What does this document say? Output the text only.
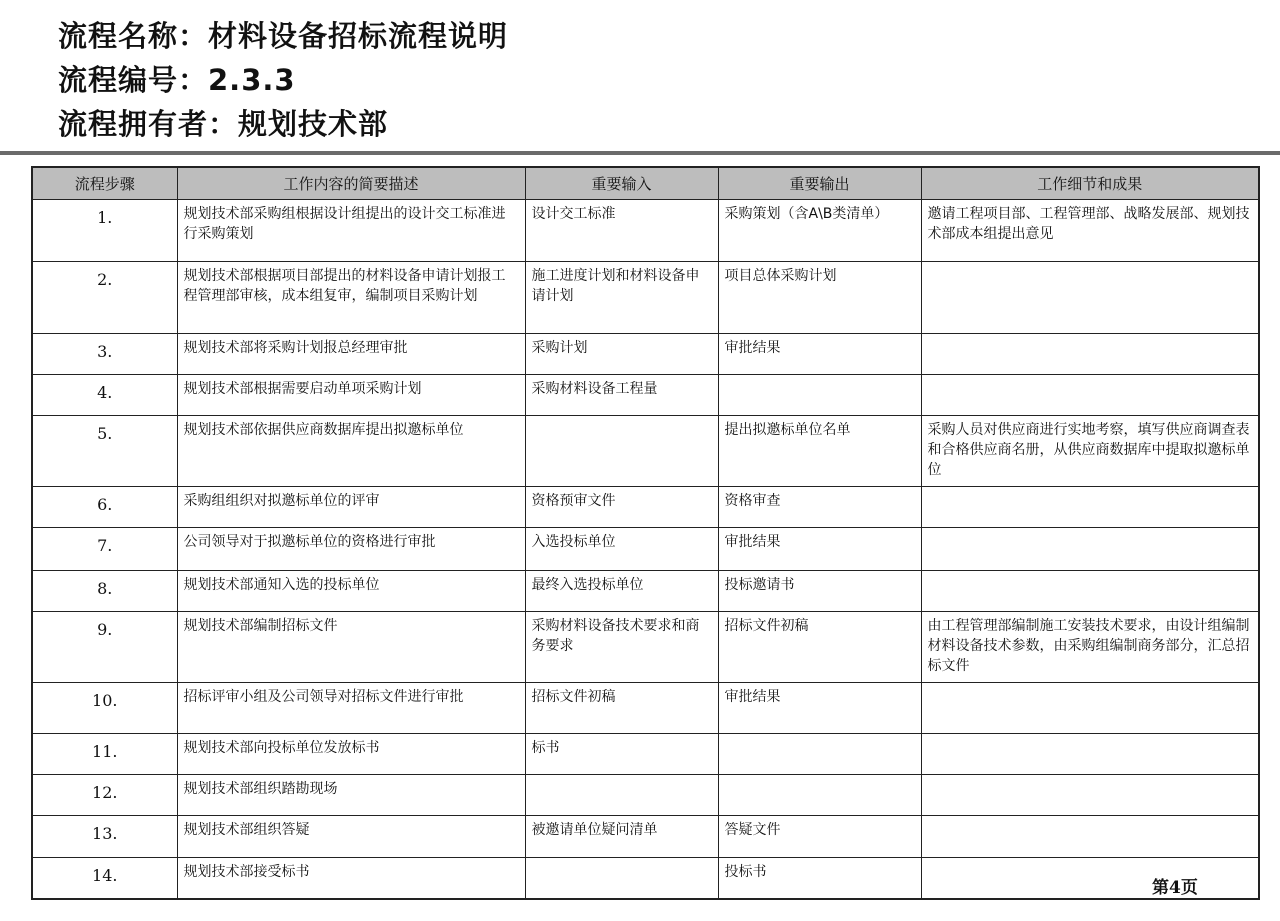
流程名称：材料设备招标流程说明
流程编号：2.3.3
流程拥有者：规划技术部
流程步骤	工作内容的简要描述	重要输入	重要输出	工作细节和成果
1.	规划技术部采购组根据设计组提出的设计交工标准进行采购策划	设计交工标准	采购策划（含A\B类清单）	邀请工程项目部、工程管理部、战略发展部、规划技术部成本组提出意见
2.	规划技术部根据项目部提出的材料设备申请计划报工程管理部审核，成本组复审，编制项目采购计划	施工进度计划和材料设备申请计划	项目总体采购计划	
3.	规划技术部将采购计划报总经理审批	采购计划	审批结果	
4.	规划技术部根据需要启动单项采购计划	采购材料设备工程量		
5.	规划技术部依据供应商数据库提出拟邀标单位		提出拟邀标单位名单	采购人员对供应商进行实地考察，填写供应商调查表和合格供应商名册，从供应商数据库中提取拟邀标单位
6.	采购组组织对拟邀标单位的评审	资格预审文件	资格审查	
7.	公司领导对于拟邀标单位的资格进行审批	入选投标单位	审批结果	
8.	规划技术部通知入选的投标单位	最终入选投标单位	投标邀请书	
9.	规划技术部编制招标文件	采购材料设备技术要求和商务要求	招标文件初稿	由工程管理部编制施工安装技术要求，由设计组编制材料设备技术参数，由采购组编制商务部分，汇总招标文件
10.	招标评审小组及公司领导对招标文件进行审批	招标文件初稿	审批结果	
11.	规划技术部向投标单位发放标书	标书		
12.	规划技术部组织踏勘现场			
13.	规划技术部组织答疑	被邀请单位疑问清单	答疑文件	
14.	规划技术部接受标书		投标书	
第4页
